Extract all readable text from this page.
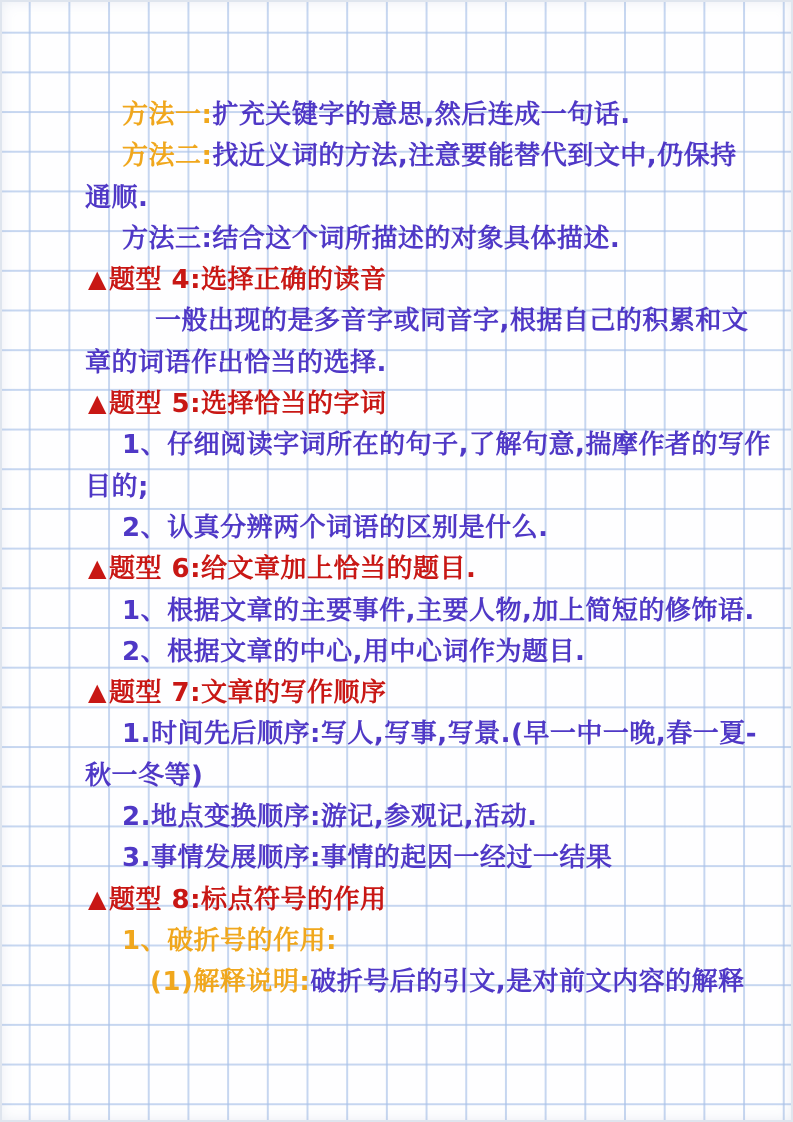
方法一:扩充关键字的意思,然后连成一句话.
方法二:找近义词的方法,注意要能替代到文中,仍保持
通顺.
方法三:结合这个词所描述的对象具体描述.
▲题型 4:选择正确的读音
一般出现的是多音字或同音字,根据自己的积累和文
章的词语作出恰当的选择.
▲题型 5:选择恰当的字词
1、仔细阅读字词所在的句子,了解句意,揣摩作者的写作
目的;
2、认真分辨两个词语的区别是什么.
▲题型 6:给文章加上恰当的题目.
1、根据文章的主要事件,主要人物,加上简短的修饰语.
2、根据文章的中心,用中心词作为题目.
▲题型 7:文章的写作顺序
1.时间先后顺序:写人,写事,写景.(早一中一晚,春一夏-
秋一冬等)
2.地点变换顺序:游记,参观记,活动.
3.事情发展顺序:事情的起因一经过一结果
▲题型 8:标点符号的作用
1、破折号的作用:
(1)解释说明:破折号后的引文,是对前文内容的解释
